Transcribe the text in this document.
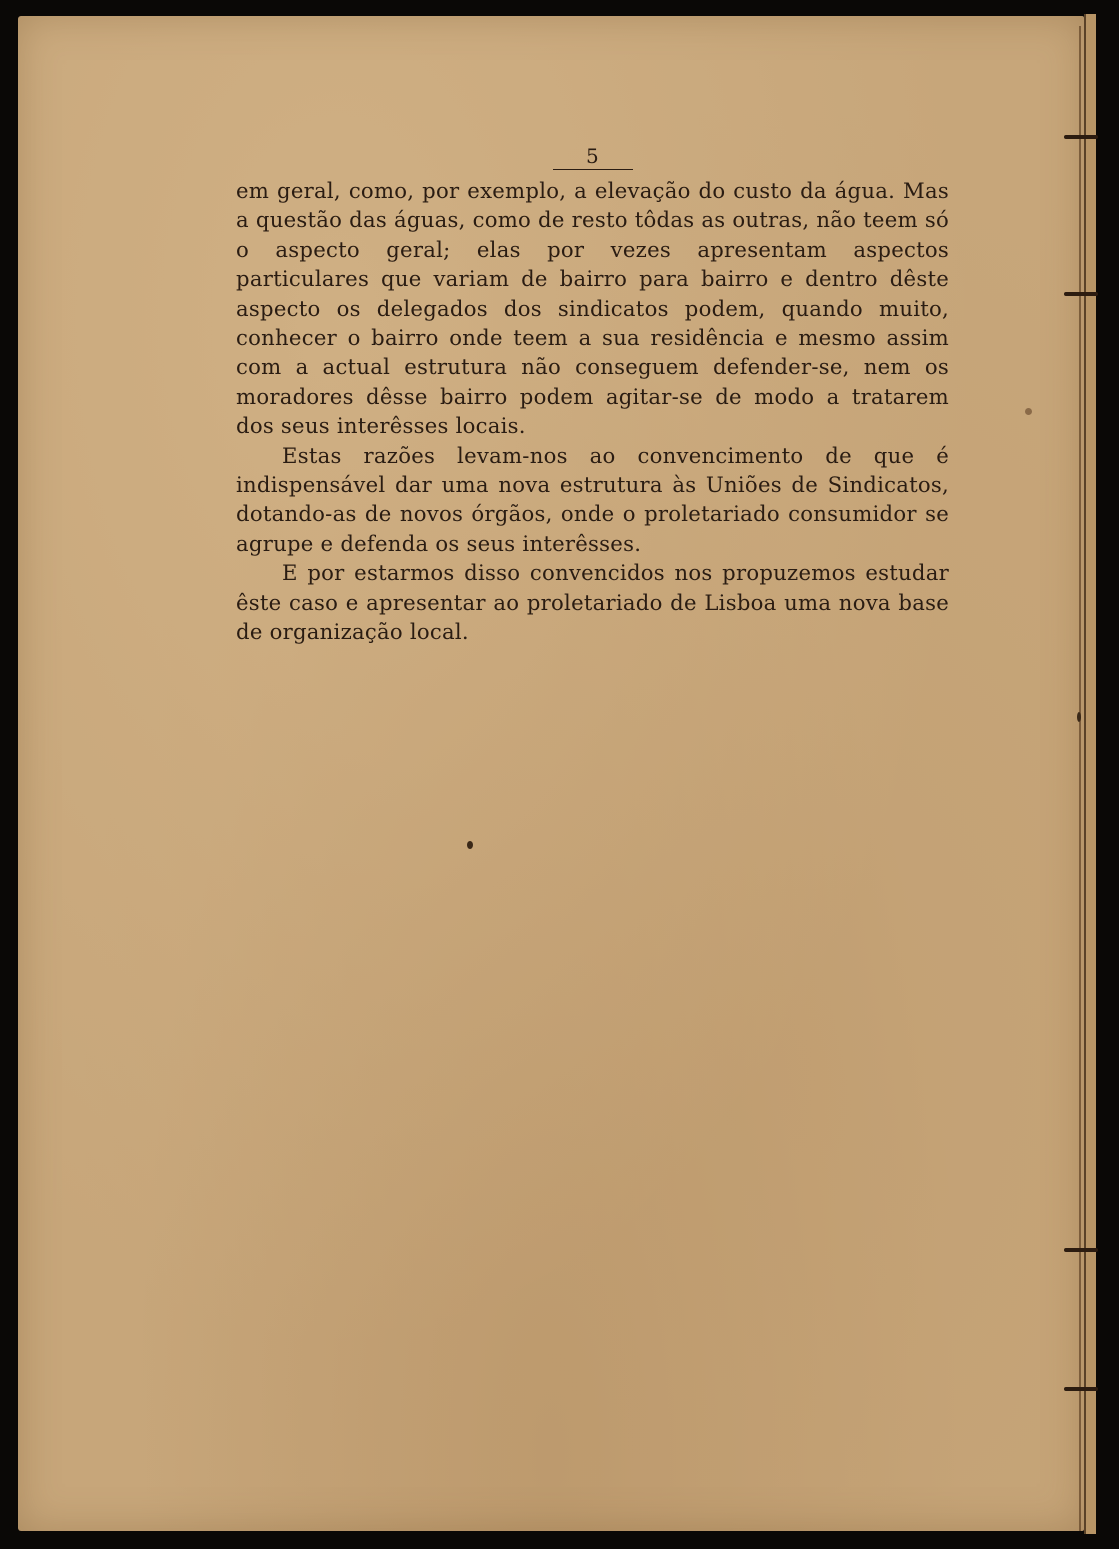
5

em geral, como, por exemplo, a elevação do custo da água. Mas a questão das águas, como de resto tôdas as outras, não teem só o aspecto geral; elas por vezes apresentam aspectos particulares que variam de bairro para bairro e dentro dêste aspecto os delegados dos sindicatos podem, quando muito, conhecer o bairro onde teem a sua residência e mesmo assim com a actual estrutura não conseguem defender-se, nem os moradores dêsse bairro podem agitar-se de modo a tratarem dos seus interêsses locais.

Estas razões levam-nos ao convencimento de que é indispensável dar uma nova estrutura às Uniões de Sindicatos, dotando-as de novos órgãos, onde o proletariado consumidor se agrupe e defenda os seus interêsses.

E por estarmos disso convencidos nos propuzemos estudar êste caso e apresentar ao proletariado de Lisboa uma nova base de organização local.
